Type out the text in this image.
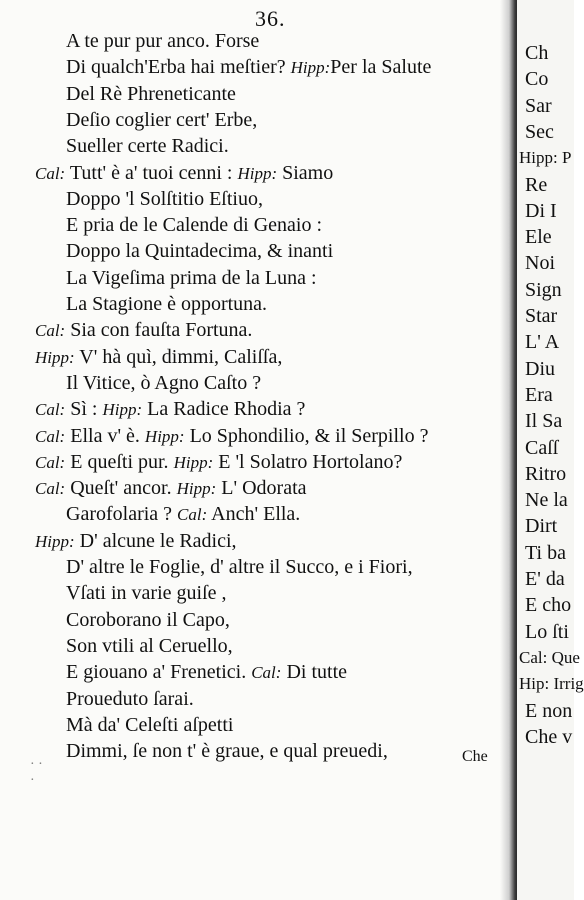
36.
A te pur pur anco. Forse
Di qualch'Erba hai meſtier? Hipp:Per la Salute
Del Rè Phreneticante
Deſio coglier cert' Erbe,
Sueller certe Radici.
Cal: Tutt' è a' tuoi cenni : Hipp: Siamo
Doppo 'l Solſtitio Eſtiuo,
E pria de le Calende di Genaio :
Doppo la Quintadecima, & inanti
La Vigeſima prima de la Luna :
La Stagione è opportuna.
Cal: Sia con fauſta Fortuna.
Hipp: V' hà quì, dimmi, Caliſſa,
Il Vitice, ò Agno Caſto ?
Cal: Sì : Hipp: La Radice Rhodia ?
Cal: Ella v' è. Hipp: Lo Sphondilio, & il Serpillo ?
Cal: E queſti pur. Hipp: E 'l Solatro Hortolano?
Cal: Queſt' ancor. Hipp: L' Odorata
Garofolaria ? Cal: Anch' Ella.
Hipp: D' alcune le Radici,
D' altre le Foglie, d' altre il Succo, e i Fiori,
Vſati in varie guiſe ,
Coroborano il Capo,
Son vtili al Ceruello,
E giouano a' Frenetici. Cal: Di tutte
Proueduto ſarai.
Mà da' Celeſti aſpetti
Dimmi, ſe non t' è graue, e qual preuedi,
· ·
·
Che
Ch
Co
Sar
Sec
Hipp: P
Re
Di I
Ele
Noi
Sign
Star
L' A
Diu
Era
Il Sa
Caſſ
Ritro
Ne la
Dirt
Ti ba
E' da
E cho
Lo ſti
Cal: Que
Hip: Irrig
E non
Che v
